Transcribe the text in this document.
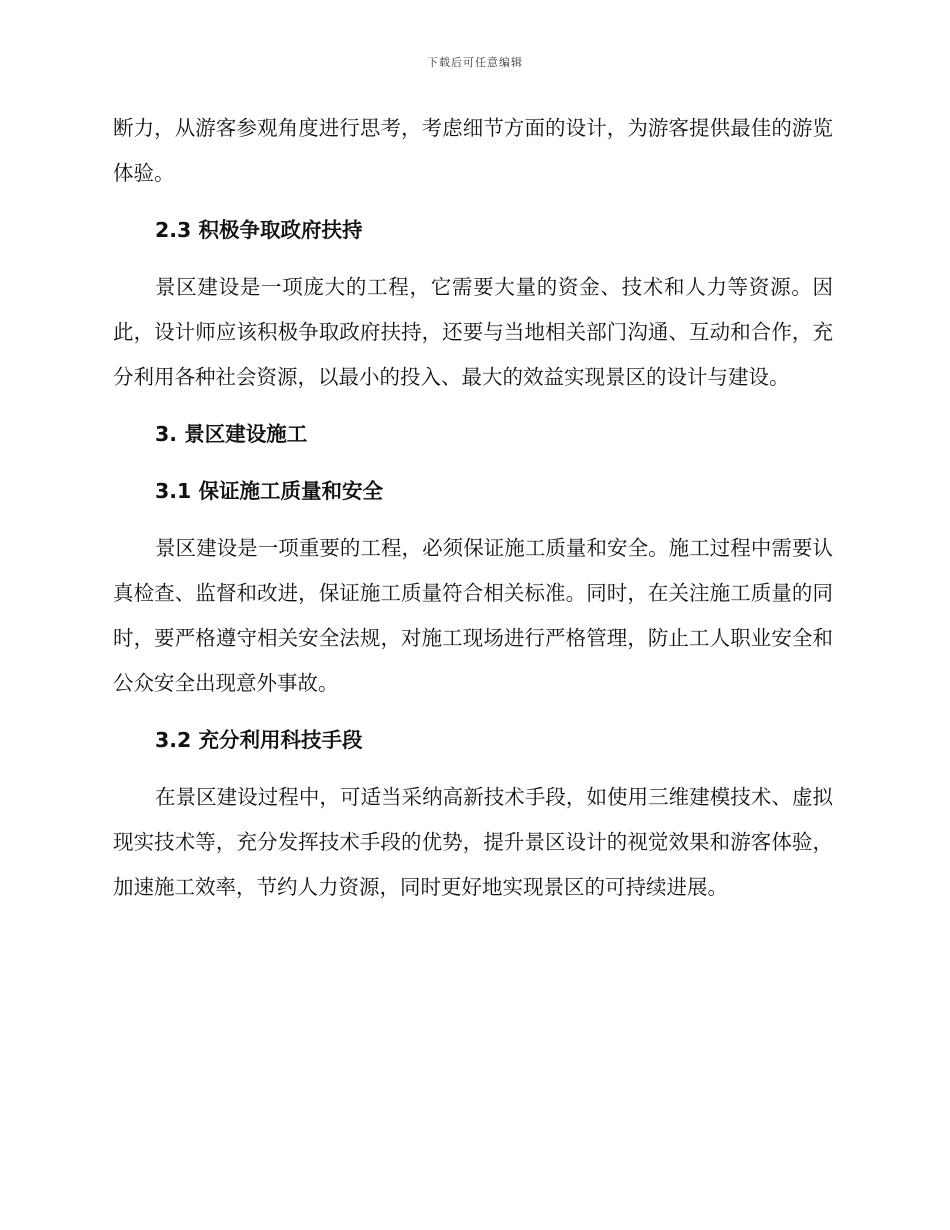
下载后可任意编辑

断力，从游客参观角度进行思考，考虑细节方面的设计，为游客提供最佳的游览体验。

2.3 积极争取政府扶持

景区建设是一项庞大的工程，它需要大量的资金、技术和人力等资源。因此，设计师应该积极争取政府扶持，还要与当地相关部门沟通、互动和合作，充分利用各种社会资源，以最小的投入、最大的效益实现景区的设计与建设。

3. 景区建设施工
3.1 保证施工质量和安全

景区建设是一项重要的工程，必须保证施工质量和安全。施工过程中需要认真检查、监督和改进，保证施工质量符合相关标准。同时，在关注施工质量的同时，要严格遵守相关安全法规，对施工现场进行严格管理，防止工人职业安全和公众安全出现意外事故。

3.2 充分利用科技手段

在景区建设过程中，可适当采纳高新技术手段，如使用三维建模技术、虚拟现实技术等，充分发挥技术手段的优势，提升景区设计的视觉效果和游客体验，加速施工效率，节约人力资源，同时更好地实现景区的可持续进展。
